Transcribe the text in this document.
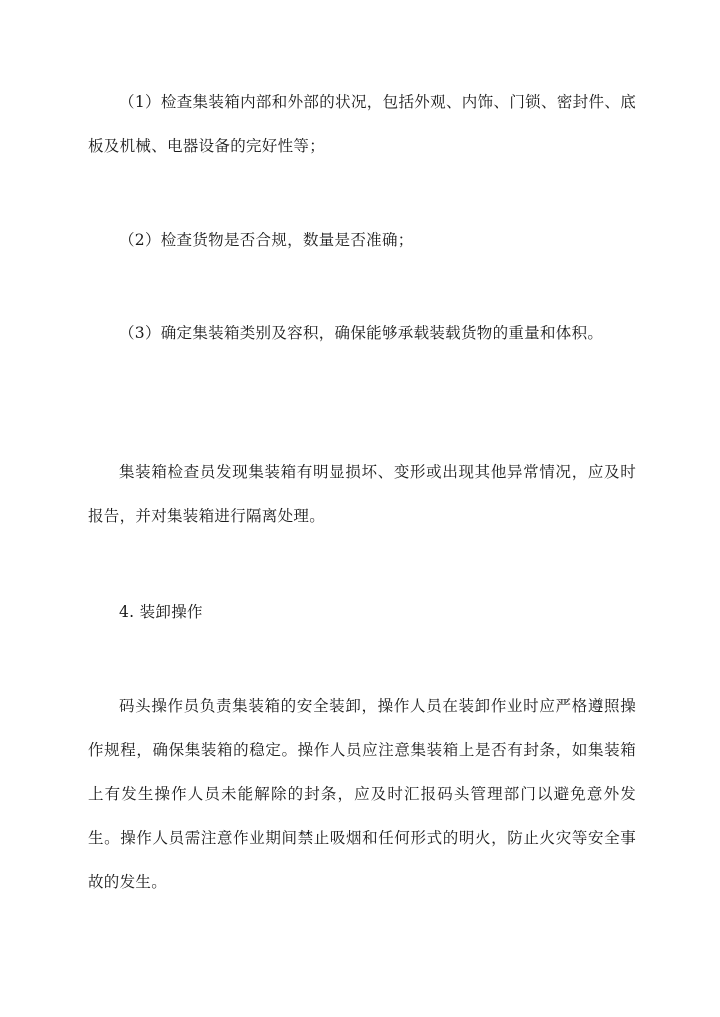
（1）检查集装箱内部和外部的状况，包括外观、内饰、门锁、密封件、底板及机械、电器设备的完好性等；

（2）检查货物是否合规，数量是否准确；

（3）确定集装箱类别及容积，确保能够承载装载货物的重量和体积。

集装箱检查员发现集装箱有明显损坏、变形或出现其他异常情况，应及时报告，并对集装箱进行隔离处理。

4. 装卸操作

码头操作员负责集装箱的安全装卸，操作人员在装卸作业时应严格遵照操作规程，确保集装箱的稳定。操作人员应注意集装箱上是否有封条，如集装箱上有发生操作人员未能解除的封条，应及时汇报码头管理部门以避免意外发生。操作人员需注意作业期间禁止吸烟和任何形式的明火，防止火灾等安全事故的发生。
